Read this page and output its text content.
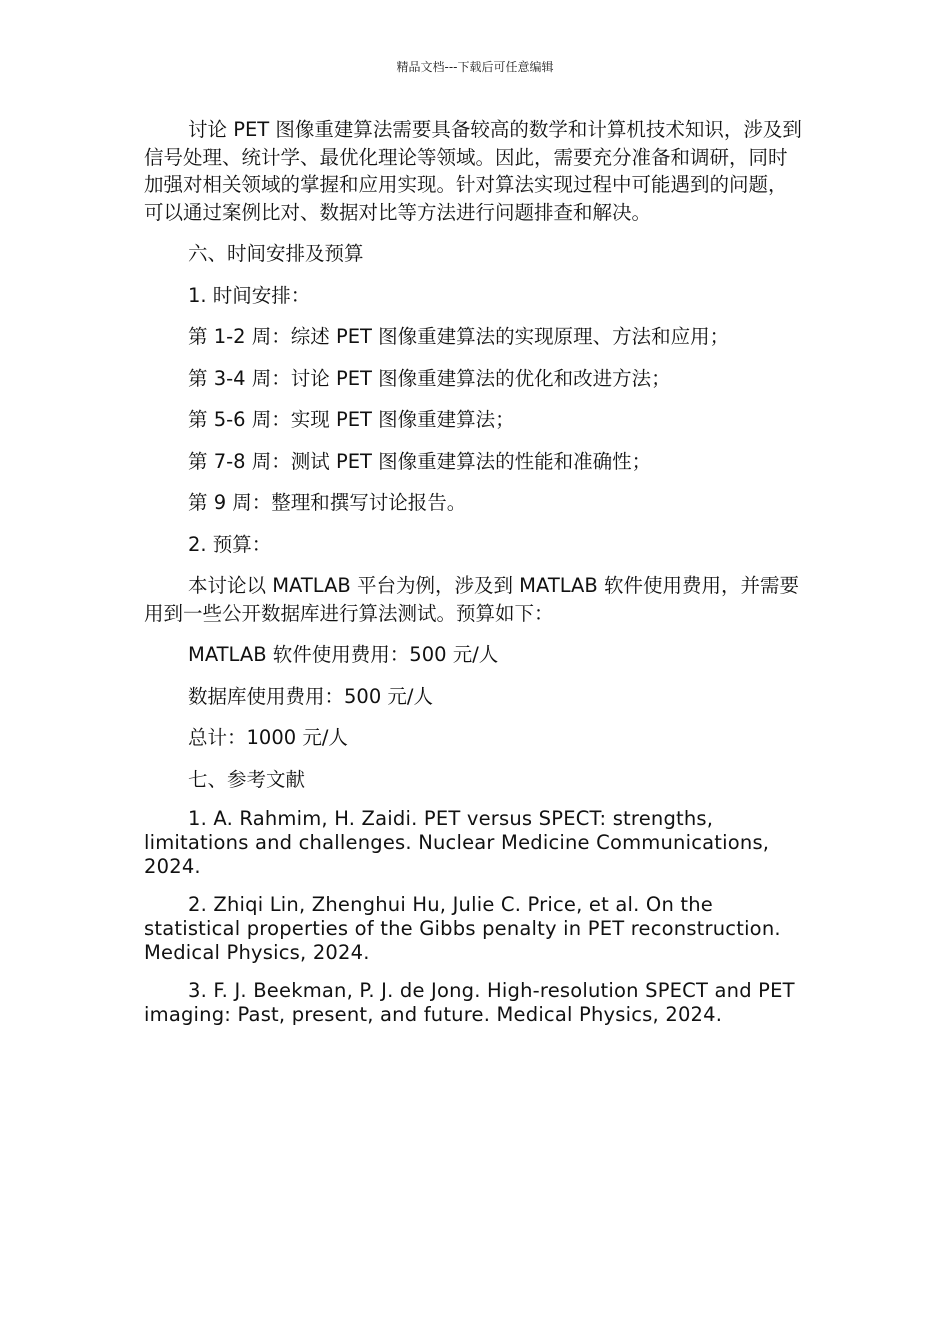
精品文档---下载后可任意编辑

讨论 PET 图像重建算法需要具备较高的数学和计算机技术知识，涉及到信号处理、统计学、最优化理论等领域。因此，需要充分准备和调研，同时加强对相关领域的掌握和应用实现。针对算法实现过程中可能遇到的问题，可以通过案例比对、数据对比等方法进行问题排查和解决。

六、时间安排及预算
1. 时间安排：
第 1-2 周：综述 PET 图像重建算法的实现原理、方法和应用；
第 3-4 周：讨论 PET 图像重建算法的优化和改进方法；
第 5-6 周：实现 PET 图像重建算法；
第 7-8 周：测试 PET 图像重建算法的性能和准确性；
第 9 周：整理和撰写讨论报告。
2. 预算：

本讨论以 MATLAB 平台为例，涉及到 MATLAB 软件使用费用，并需要用到一些公开数据库进行算法测试。预算如下：

MATLAB 软件使用费用：500 元/人
数据库使用费用：500 元/人
总计：1000 元/人
七、参考文献

1. A. Rahmim, H. Zaidi. PET versus SPECT: strengths, limitations and challenges. Nuclear Medicine Communications, 2024.

2. Zhiqi Lin, Zhenghui Hu, Julie C. Price, et al. On the statistical properties of the Gibbs penalty in PET reconstruction. Medical Physics, 2024.

3. F. J. Beekman, P. J. de Jong. High-resolution SPECT and PET imaging: Past, present, and future. Medical Physics, 2024.
